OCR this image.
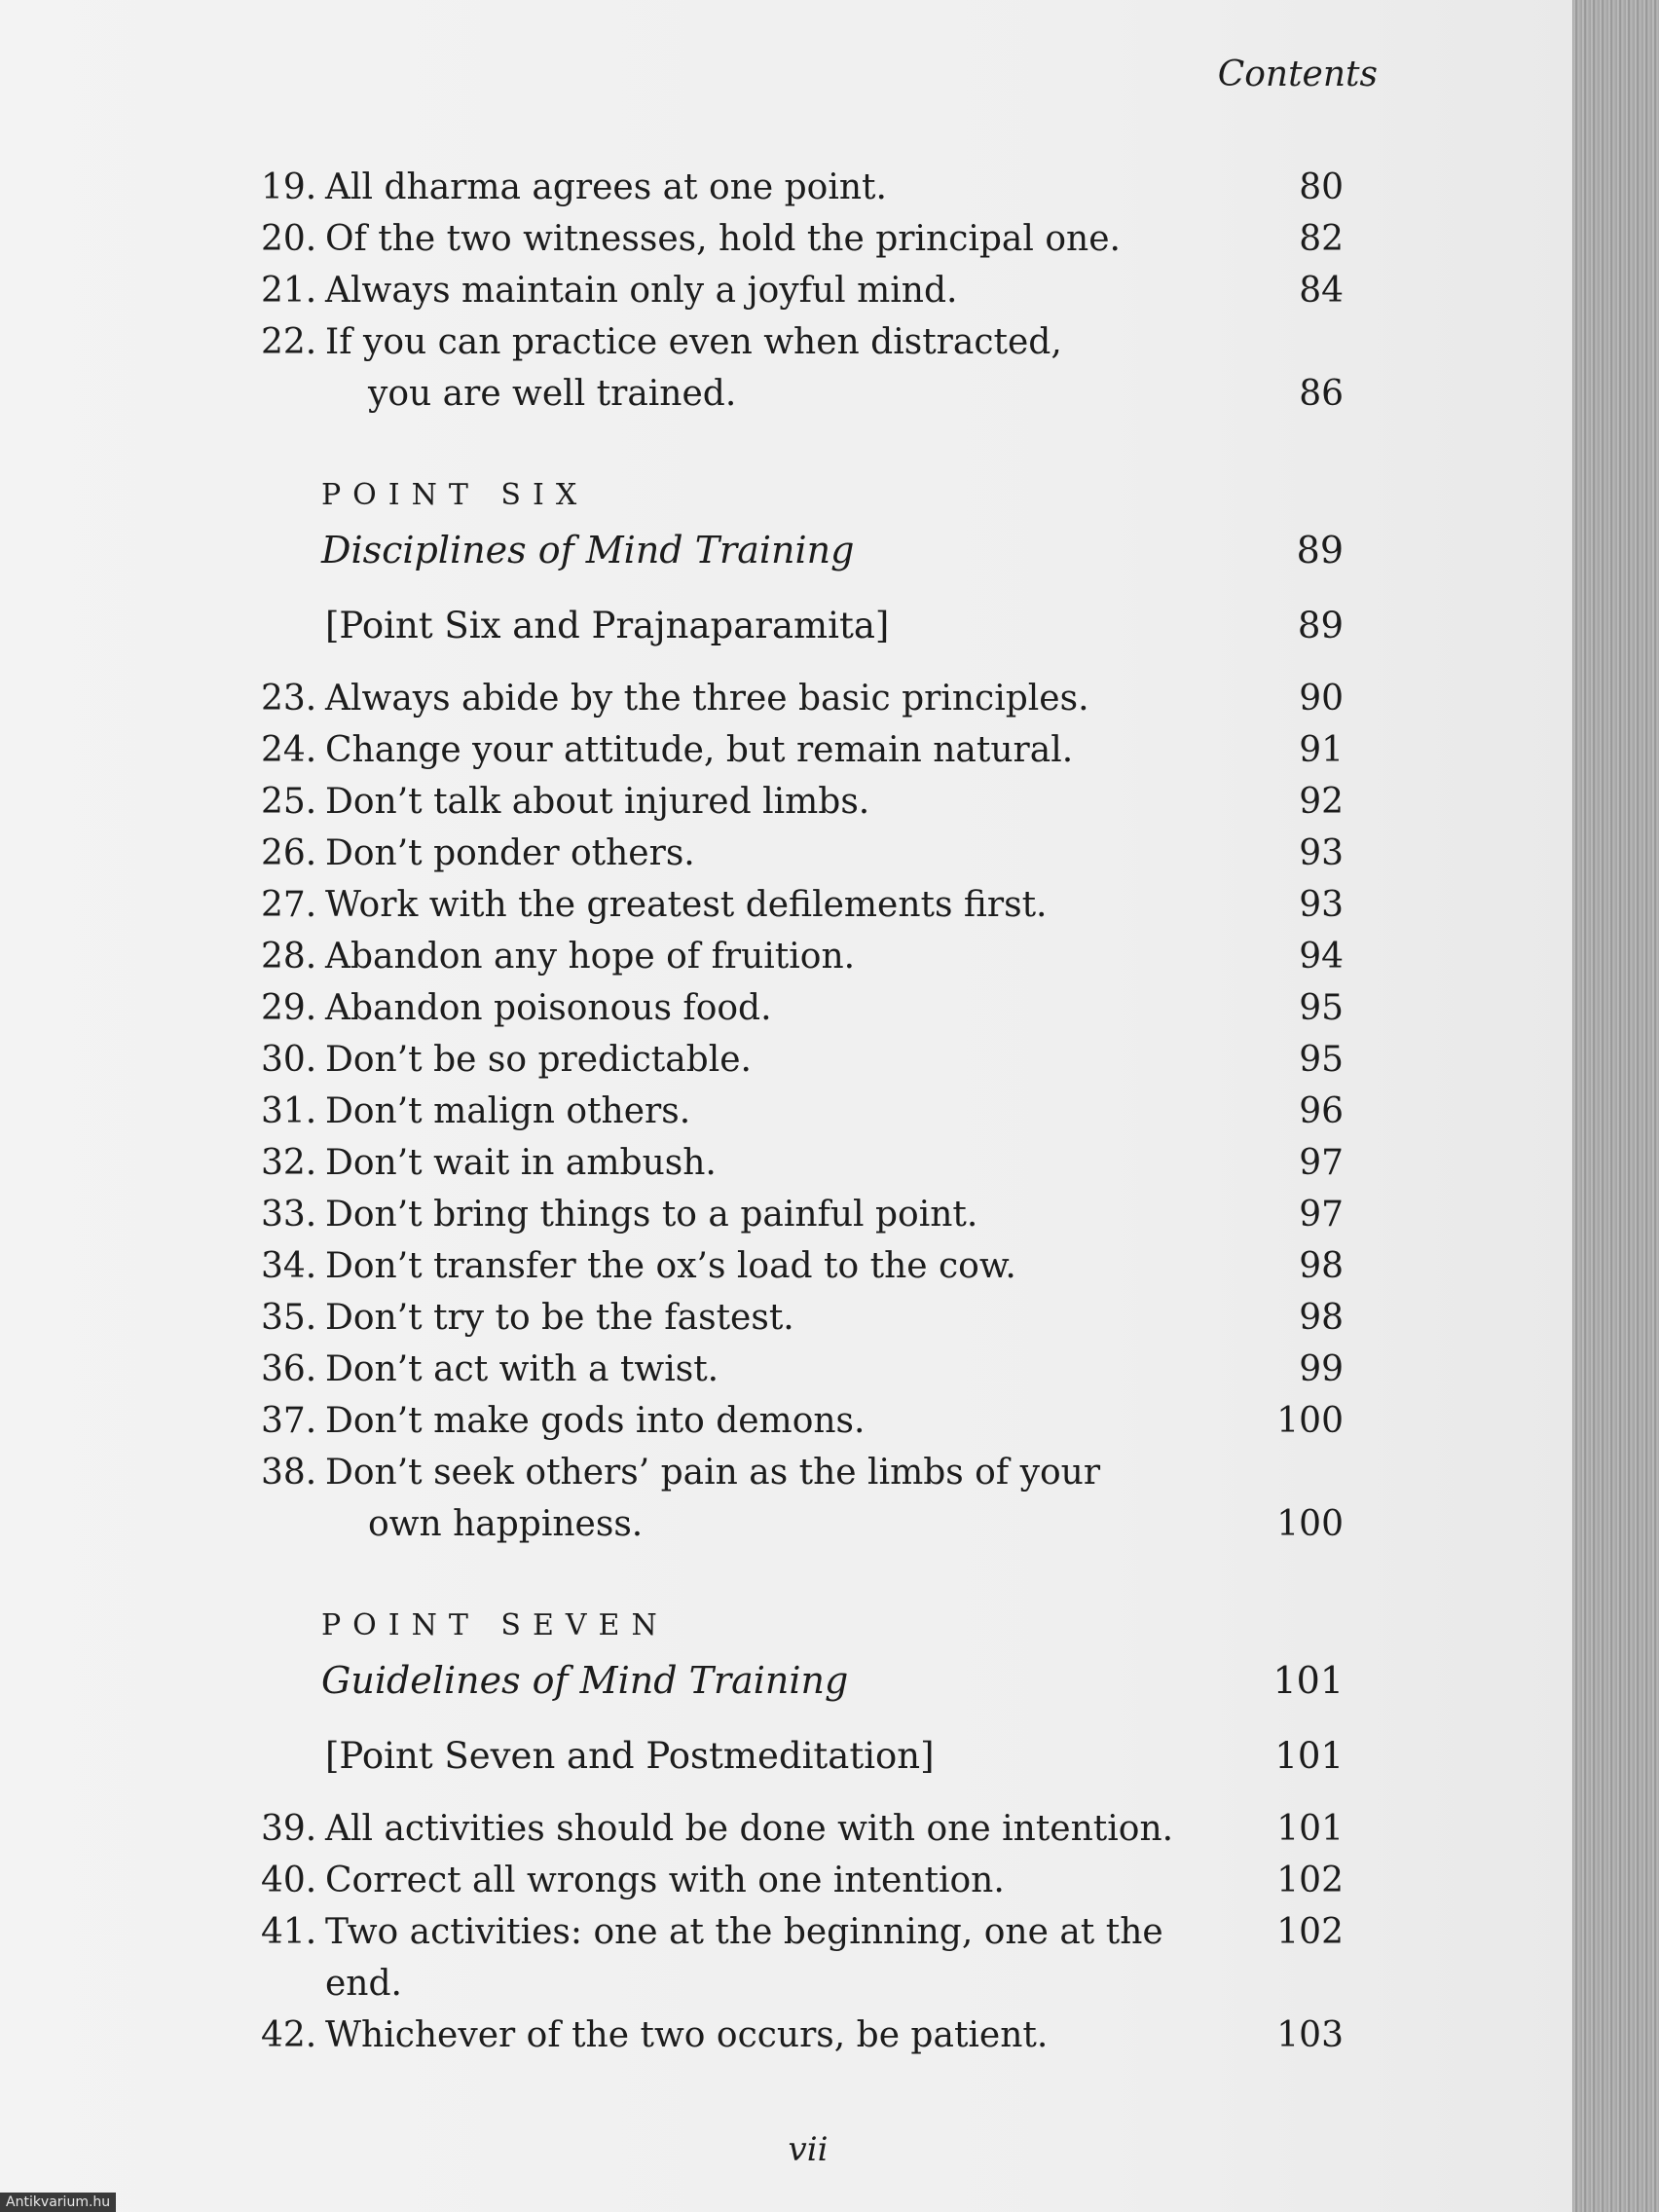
Contents
19. All dharma agrees at one point.	80
20. Of the two witnesses, hold the principal one.	82
21. Always maintain only a joyful mind.	84
22. If you can practice even when distracted,
you are well trained.	86
POINT SIX
Disciplines of Mind Training	89
[Point Six and Prajnaparamita]	89
23. Always abide by the three basic principles.	90
24. Change your attitude, but remain natural.	91
25. Don’t talk about injured limbs.	92
26. Don’t ponder others.	93
27. Work with the greatest defilements first.	93
28. Abandon any hope of fruition.	94
29. Abandon poisonous food.	95
30. Don’t be so predictable.	95
31. Don’t malign others.	96
32. Don’t wait in ambush.	97
33. Don’t bring things to a painful point.	97
34. Don’t transfer the ox’s load to the cow.	98
35. Don’t try to be the fastest.	98
36. Don’t act with a twist.	99
37. Don’t make gods into demons.	100
38. Don’t seek others’ pain as the limbs of your
own happiness.	100
POINT SEVEN
Guidelines of Mind Training	101
[Point Seven and Postmeditation]	101
39. All activities should be done with one intention.	101
40. Correct all wrongs with one intention.	102
41. Two activities: one at the beginning, one at the end.
102
42. Whichever of the two occurs, be patient.	103
vii
Antikvarium.hu
